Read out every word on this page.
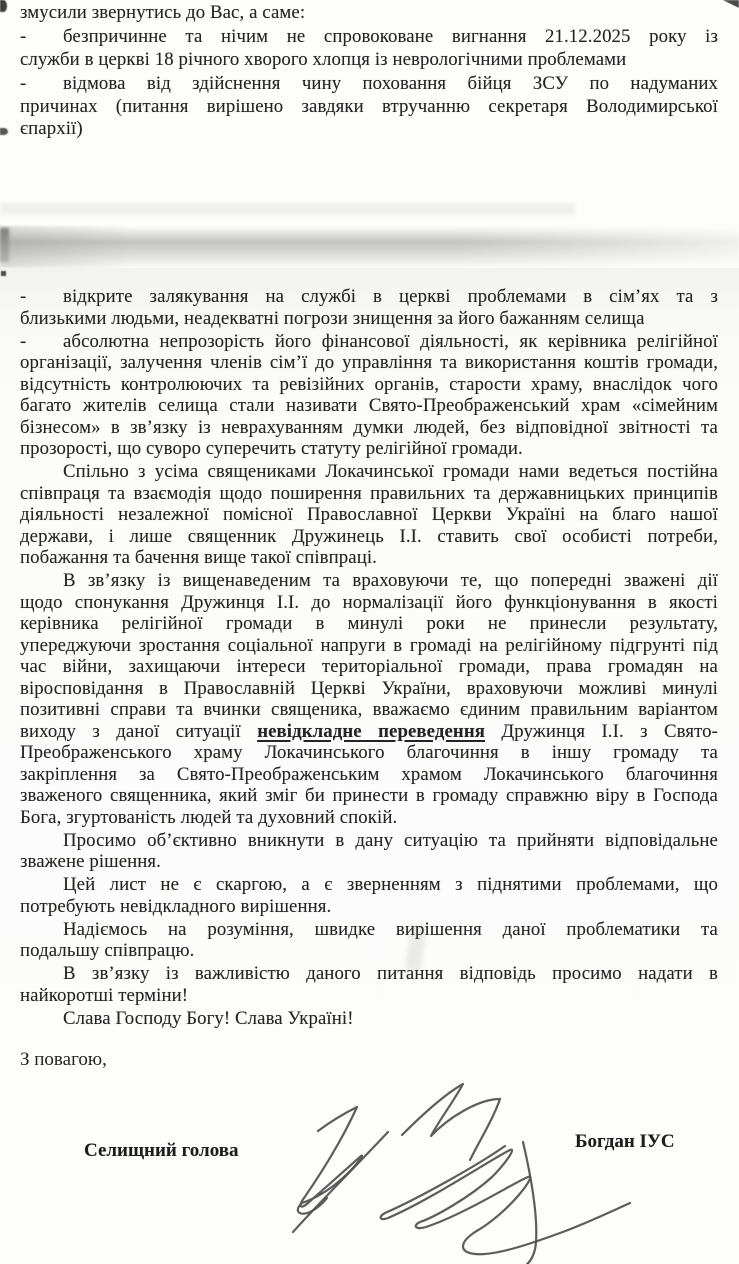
змусили звернутись до Вас, а саме:
- безпричинне та нічим не спровоковане вигнання 21.12.2025 року із
служби в церкві 18 річного хворого хлопця із неврологічними проблемами
- відмова від здійснення чину поховання бійця ЗСУ по надуманих
причинах (питання вирішено завдяки втручанню секретаря Володимирської
єпархії)
- відкрите залякування на службі в церкві проблемами в сім’ях та з
близькими людьми, неадекватні погрози знищення за його бажанням селища
- абсолютна непрозорість його фінансової діяльності, як керівника релігійної
організації, залучення членів сім’ї до управління та використання коштів громади,
відсутність контролюючих та ревізійних органів, старости храму, внаслідок чого
багато жителів селища стали називати Свято-Преображенський храм «сімейним
бізнесом» в зв’язку із неврахуванням думки людей, без відповідної звітності та
прозорості, що суворо суперечить статуту релігійної громади.
Спільно з усіма священиками Локачинської громади нами ведеться постійна
співпраця та взаємодія щодо поширення правильних та державницьких принципів
діяльності незалежної помісної Православної Церкви Україні на благо нашої
держави, і лише священник Дружинець І.І. ставить свої особисті потреби,
побажання та бачення вище такої співпраці.
В зв’язку із вищенаведеним та враховуючи те, що попередні зважені дії
щодо спонукання Дружинця І.І. до нормалізації його функціонування в якості
керівника релігійної громади в минулі роки не принесли результату,
упереджуючи зростання соціальної напруги в громаді на релігійному підгрунті під
час війни, захищаючи інтереси територіальної громади, права громадян на
віросповідання в Православній Церкві України, враховуючи можливі минулі
позитивні справи та вчинки священика, вважаємо єдиним правильним варіантом
виходу з даної ситуації невідкладне переведення Дружинця І.І. з Свято-
Преображенського храму Локачинського благочиння в іншу громаду та
закріплення за Свято-Преображенським храмом Локачинського благочиння
зваженого священника, який зміг би принести в громаду справжню віру в Господа
Бога, згуртованість людей та духовний спокій.
Просимо об’єктивно вникнути в дану ситуацію та прийняти відповідальне
зважене рішення.
Цей лист не є скаргою, а є зверненням з піднятими проблемами, що
потребують невідкладного вирішення.
Надіємось на розуміння, швидке вирішення даної проблематики та
подальшу співпрацю.
В зв’язку із важливістю даного питання відповідь просимо надати в
найкоротші терміни!
Слава Господу Богу! Слава Україні!
З повагою,
Селищний голова	Богдан ІУС
